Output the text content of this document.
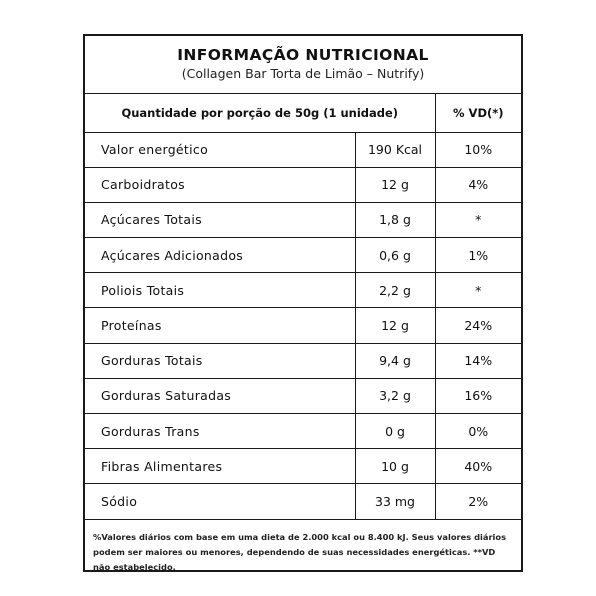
INFORMAÇÃO NUTRICIONAL
(Collagen Bar Torta de Limão – Nutrify)
Quantidade por porção de 50g (1 unidade)		% VD(*)
Valor energético	190 Kcal	10%
Carboidratos	12 g	4%
Açúcares Totais	1,8 g	*
Açúcares Adicionados	0,6 g	1%
Poliois Totais	2,2 g	*
Proteínas	12 g	24%
Gorduras Totais	9,4 g	14%
Gorduras Saturadas	3,2 g	16%
Gorduras Trans	0 g	0%
Fibras Alimentares	10 g	40%
Sódio	33 mg	2%
%Valores diários com base em uma dieta de 2.000 kcal ou 8.400 kJ. Seus valores diários podem ser maiores ou menores, dependendo de suas necessidades energéticas. **VD não estabelecido.
